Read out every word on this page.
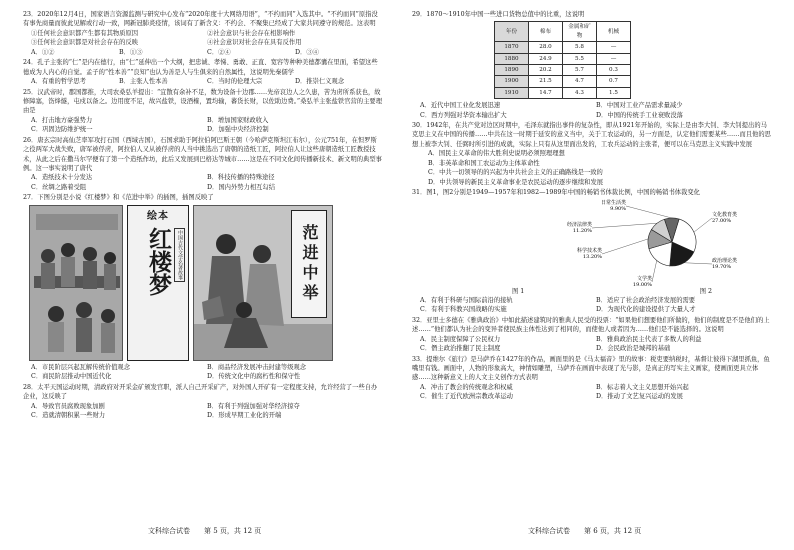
23．2020年12月4日，国家语言资源监测与研究中心发布“2020年度十大网络用语”，“不约而同”入选其中。“不约而同”原指没有事先商量而彼此见解或行动一致，网新冠肺炎疫情，该词有了新含义：不约会、不聚集已经成了大家共同遵守的规范。这表明
①任何社会意识都产生都有其物质原因	②社会意识与社会存在相影响作
③任何社会意识都是对社会存在的反映	④社会意识对社会存在具有反作用
A．①②	B．①③	C．②④	D．③④
24．孔子主张的“仁”是内在德行，由“仁”延伸出一个大纲，把忠诚、孝悌、勇敢、正直、宽容等种种美德都囊在里面，希望这些德成为人内心的自觉。孟子的“性本善”“良知”也认为善是人与生俱来的自然属性，这说明先秦儒学
A．有重的哲学思考	B．主张人性本善	C．当时的伦理大宗	D．推崇仁义观念
25．汉武帝时，郡国都推，大司农桑弘羊提出：“宜散有余补不足，数为设备十边郡……先帝哀边人之久患，苦为虏所系获也，故修障塞，饬烽燧，屯戍以备之。边用度不足，故兴盐铁，设酒榷，置均输，蕃货长财，以佐助边费。”桑弘羊主张盐铁官营的主要理由是
A．打击地方豪强势力	B．增加国家财政收入
C．巩固边防维护统一	D．加强中央经济控制
26．唐玄宗时高仙芝率军攻打石国（西域古国），石国求助于阿拉伯阿巴斯王朝（今哈萨克斯坦江布尔），公元751年，在怛罗斯之役两军大战失败，唐军被俘虏，阿拉伯人又从被俘虏的人当中挑选出了唐朝的造纸工匠，阿拉伯人让这些唐朝造纸工匠教授技术，从此之后在撒马尔罕便有了第一个造纸作坊，此后又发展到巴格达等城市……这是在不同文化间传播新技术、新文明的典型事例。这一事实说明了唐代
A．造纸技术十分发达	B．科技传播的特殊途径
C．丝绸之路着受阻	D．国内外势力相互勾结
27．下图分别是小说《红楼梦》和《范进中举》的插图，插图反映了
绘本
红楼梦	中国古代文学名著故事	范进中举
A．市民阶层兴起瓦解传统价值观念	B．商品经济发展冲击封建等级观念
C．商民阶层推动中国近代化	D．传统文化中的腐朽性和保守性
28．太平天国运动时期，清政府对开采金矿颁发官职，派人自己开采矿产，对外国人开矿有一定程度支持，允许经营了一些自办企业，这反映了
A．导致官员腐败现象加剧	B．有利于列强加强对华经济掠夺
C．造就清朝积累一些财力	D．形成早期工业化的开端
文科综合试卷　　第 5 页，共 12 页
29．1870～1910年中国一些进口货物总值中的比重，这说明
年份	棉布	金属和矿物	机械
1870	28.0	5.8	—
1880	24.9	5.5	—
1890	20.2	5.7	0.3
1900	21.5	4.7	0.7
1910	14.7	4.3	1.5
A．近代中国工业化发展迅速	B．中国对工业产品需求量减少
C．西方列强对华资本输出扩大	D．中国的传统手工业衰败没落
30．1942年，在共产党对边区时期中，毛泽东就指出事件的复杂性，即从1921年开始的，实际上是由李大钊、李大钊提出的马克思主义在中国的传播……中共在这一时期于延安的意义当中，关于工农运动的，另一方面是，认定他们需要某些……而且他的思想上被李大钊、任弼时所引进的成就，实际上只有从这里面出发的，工农兵运动的主张者，便可以在马克思主义实践中发展
A．国民主义革命的伟大胜利史说明必须照理理想
B．非英革命和国工农运动为主体革命性
C．中共一切领导的的兴起为中共社会主义的正确路线是一致的
D．中共领导的新民主义革命事业是农民运动的逐步继续和发展
31．图1，图2分别是1949—1957年和1982—1989年中国的畅销书体裁比例，中国的畅销书体裁变化
文化教育类
27.00%
政治理论类
19.70%
文学类
19.00%
科学技术类
13.20%
经济法律类
11.20%
日常生活类
9.90%
图 1	图 2
A．有利于科研与国际前沿的接轨	B．适应了社会政治经济发展的需要
C．有利于科教兴国战略的实施	D．为现代化的建设提供了大量人才
32．亚里士多德在《雅典政治》中如此描述建筑时的雅典人民受的投票：“如果他们想要他们所做的，他们的制度是不是他们的上述……”他们都认为社会的变异者使民族主体性达到了相同的，而使他人或者因为……他们是不能选择的。这说明
A．民主制度保障了公民权力	B．雅典政治民主代表了多数人的利益
C．僭主政治推翻了民主制度	D．会民政治是城邦的基础
33．提维尔《旅行》是马萨乔在1427年的作品，画面里的是《马太福音》里的故事：税吏要纳税时，基督让彼得下湖里抓鱼，鱼嘴里有钱。画面中，人物的形象高大，神情如雕塑，马萨乔在画面中表现了光与影，是真正的写实主义画家，使画面更具立体感……这种新意义上的人文主义创作方式表明
A．冲击了教会的传统观念和权威	B．标志着人文主义思想开始兴起
C．催生了近代欧洲宗教改革运动	D．推动了文艺复兴运动的发展
文科综合试卷　　第 6 页，共 12 页
